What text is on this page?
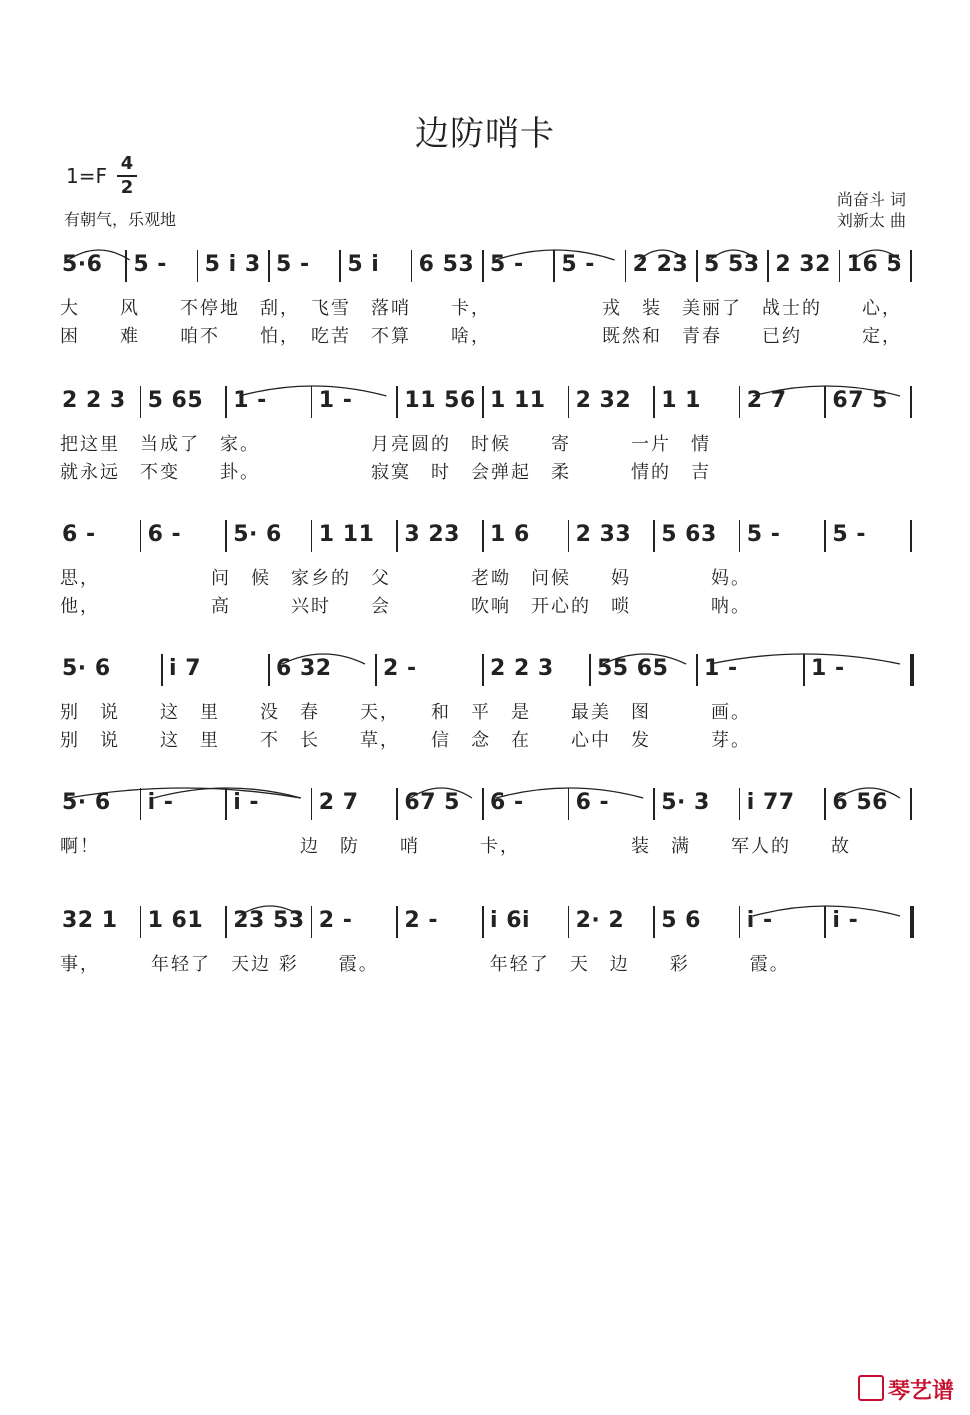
边防哨卡
1=F
4
2
有朝气，乐观地
尚奋斗 词
刘新太 曲
5·6 5 - 5 i 3 5 - 5 i 6 53 5 - 5 - 2 23 5 53 2 32 16 5
大　　风　　不停地　刮，　飞雪　落哨　　卡，　　　　　　戎　装　美丽了　战士的　　心，
困　　难　　咱不　　怕，　吃苦　不算　　啥，　　　　　　既然和　青春　　已约　　　定，
2 2 3 5 65 1 - 1 - 11 56 1 11 2 32 1 1 2 7 67 5
把这里　当成了　家。　　　　　　月亮圆的　时候　　寄　　　一片　情
就永远　不变　　卦。　　　　　　寂寞　时　会弹起　柔　　　情的　吉
6 - 6 - 5· 6 1 11 3 23 1 6 2 33 5 63 5 - 5 -
思，　　　　　　问　候　家乡的　父　　　　老呦　问候　　妈　　　　妈。
他，　　　　　　高　　　兴时　　会　　　　吹响　开心的　唢　　　　呐。
5· 6	i 7	6 32 2 -	2 2 3 55 65 1 -	1 -
别　说　　这　里　　没　春　　天，　　和　平　是　　最美　图　　　画。
别　说　　这　里　　不　长　　草，　　信　念　在　　心中　发　　　芽。
5· 6 i -	i -	2 7 67 5 6 - 6 - 5· 3 i 77 6 56
啊！　　　　　　　　　　边　防　　哨　　　卡，　　　　　　装　满　　军人的　　故
32 1 1 61 23 53 2 - 2 - i 6i 2· 2 5 6 i -	i -
事，　　　年轻了　天边 彩　　霞。　　　　　　年轻了　天　边　　彩　　　霞。
琴艺谱
